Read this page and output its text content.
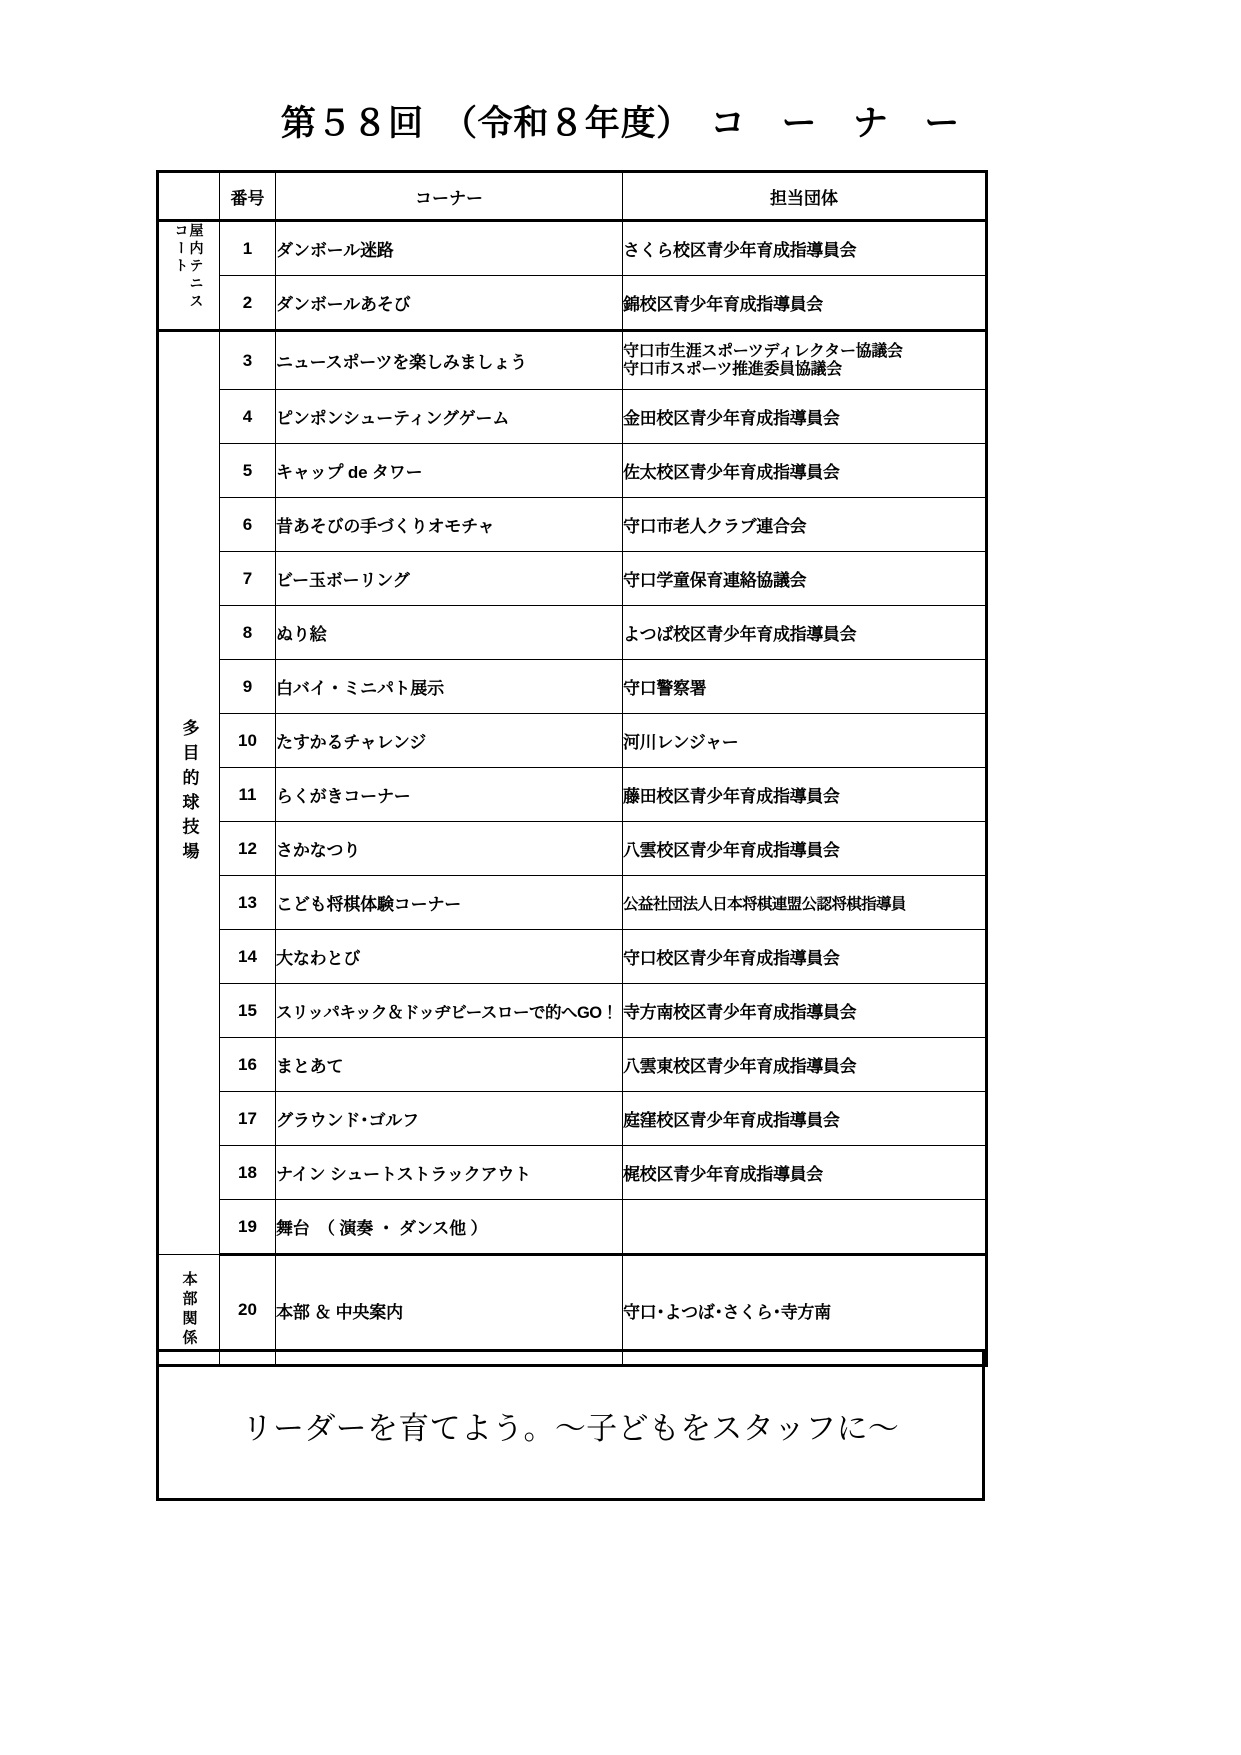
第５８回　（令和８年度）　コ　ー　ナ　ー
	番号	コーナー	担当団体

屋内テニス
コート	1	ダンボール迷路	さくら校区青少年育成指導員会
	2	ダンボールあそび	錦校区青少年育成指導員会

多目的球技場	3	ニュースポーツを楽しみましょう	守口市生涯スポーツディレクター協議会
守口市スポーツ推進委員協議会

	4	ピンポンシューティングゲーム	金田校区青少年育成指導員会
	5	キャップ de タワー	佐太校区青少年育成指導員会
	6	昔あそびの手づくりオモチャ	守口市老人クラブ連合会
	7	ビー玉ボーリング	守口学童保育連絡協議会
	8	ぬり絵	よつば校区青少年育成指導員会
	9	白バイ・ミニパト展示	守口警察署
	10	たすかるチャレンジ	河川レンジャー
	11	らくがきコーナー	藤田校区青少年育成指導員会
	12	さかなつり	八雲校区青少年育成指導員会
	13	こども将棋体験コーナー	公益社団法人日本将棋連盟公認将棋指導員
	14	大なわとび	守口校区青少年育成指導員会
	15	スリッパキック＆ドッヂビースローで的へGO！	寺方南校区青少年育成指導員会
	16	まとあて	八雲東校区青少年育成指導員会
	17	グラウンド･ゴルフ	庭窪校区青少年育成指導員会
	18	ナイン シュートストラックアウト	梶校区青少年育成指導員会
	19	舞台　（ 演奏 ・ ダンス他 ）	

本部関係	20	本部 ＆ 中央案内	守口･よつば･さくら･寺方南
リーダーを育てよう。～子どもをスタッフに～
